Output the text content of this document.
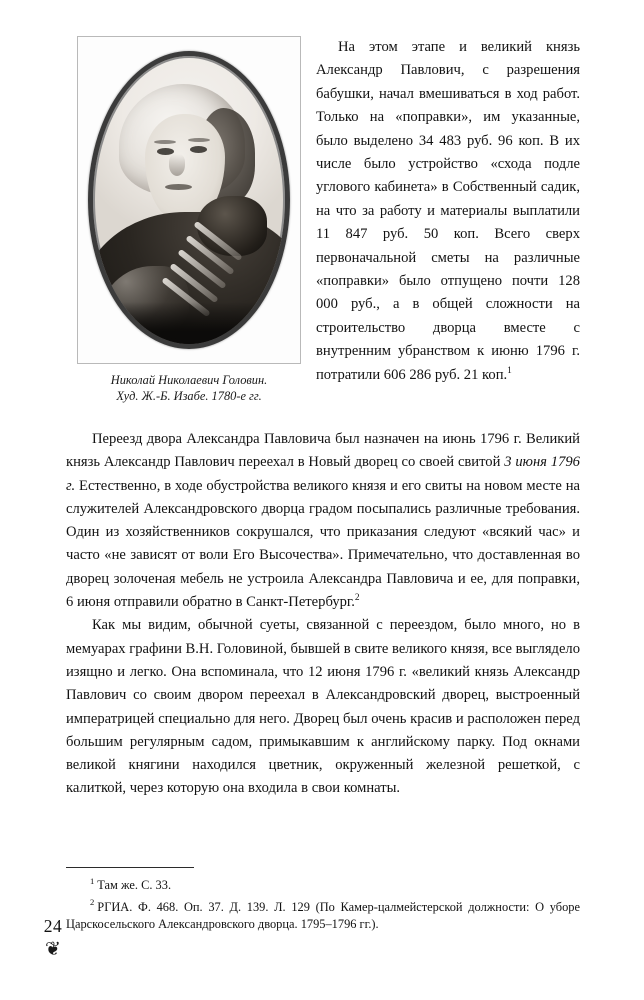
Николай Николаевич Головин.
Худ. Ж.-Б. Изабе. 1780-е гг.

На этом этапе и великий князь Александр Павлович, с разрешения бабушки, начал вмешиваться в ход работ. Только на «поправки», им указанные, было выделено 34 483 руб. 96 коп. В их числе было устройство «схода подле углового кабинета» в Собственный садик, на что за работу и материалы выплатили 11 847 руб. 50 коп. Всего сверх первоначальной сметы на различные «поправки» было отпущено почти 128 000 руб., а в общей сложности на строительство дворца вместе с внутренним убранством к июню 1796 г. потратили 606 286 руб. 21 коп.$^1$

Переезд двора Александра Павловича был назначен на июнь 1796 г. Великий князь Александр Павлович переехал в Новый дворец со своей свитой 3 июня 1796 г. Естественно, в ходе обустройства великого князя и его свиты на новом месте на служителей Александровского дворца градом посыпались различные требования. Один из хозяйственников сокрушался, что приказания следуют «всякий час» и часто «не зависят от воли Его Высочества». Примечательно, что доставленная во дворец золоченая мебель не устроила Александра Павловича и ее, для поправки, 6 июня отправили обратно в Санкт-Петербург.$^2$

Как мы видим, обычной суеты, связанной с переездом, было много, но в мемуарах графини В.Н. Головиной, бывшей в свите великого князя, все выглядело изящно и легко. Она вспоминала, что 12 июня 1796 г. «великий князь Александр Павлович со своим двором переехал в Александровский дворец, выстроенный императрицей специально для него. Дворец был очень красив и расположен перед большим регулярным садом, примыкавшим к английскому парку. Под окнами великой княгини находился цветник, окруженный железной решеткой, с калиткой, через которую она входила в свои комнаты.

$^1$ Там же. С. 33.
$^2$ РГИА. Ф. 468. Оп. 37. Д. 139. Л. 129 (По Камер-цалмейстерской должности: О уборе Царскосельского Александровского дворца. 1795–1796 гг.).
24
❦
